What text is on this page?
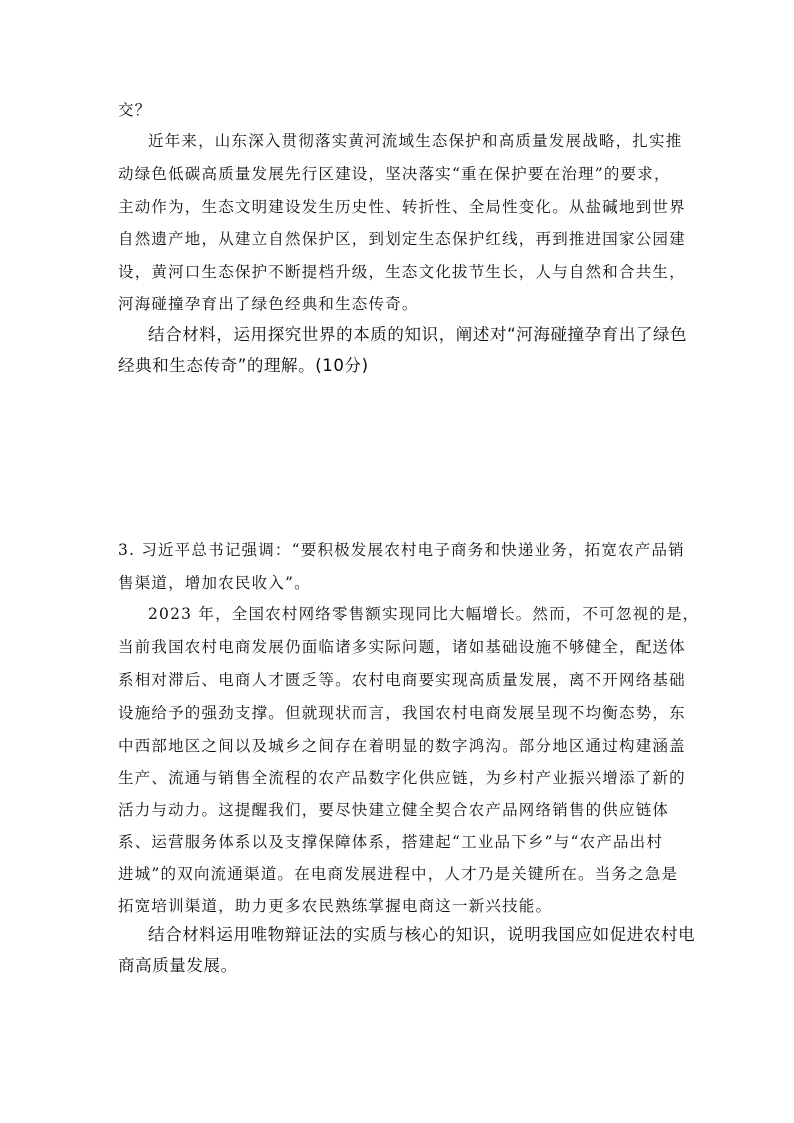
交？
近年来，山东深入贯彻落实黄河流域生态保护和高质量发展战略，扎实推
动绿色低碳高质量发展先行区建设，坚决落实“重在保护要在治理”的要求，
主动作为，生态文明建设发生历史性、转折性、全局性变化。从盐碱地到世界
自然遗产地，从建立自然保护区，到划定生态保护红线，再到推进国家公园建
设，黄河口生态保护不断提档升级，生态文化拔节生长，人与自然和合共生，
河海碰撞孕育出了绿色经典和生态传奇。
结合材料，运用探究世界的本质的知识，阐述对“河海碰撞孕育出了绿色
经典和生态传奇”的理解。(10分)
3. 习近平总书记强调：“要积极发展农村电子商务和快递业务，拓宽农产品销
售渠道，增加农民收入”。
2023 年，全国农村网络零售额实现同比大幅增长。然而，不可忽视的是，
当前我国农村电商发展仍面临诸多实际问题，诸如基础设施不够健全，配送体
系相对滞后、电商人才匮乏等。农村电商要实现高质量发展，离不开网络基础
设施给予的强劲支撑。但就现状而言，我国农村电商发展呈现不均衡态势，东
中西部地区之间以及城乡之间存在着明显的数字鸿沟。部分地区通过构建涵盖
生产、流通与销售全流程的农产品数字化供应链，为乡村产业振兴增添了新的
活力与动力。这提醒我们，要尽快建立健全契合农产品网络销售的供应链体
系、运营服务体系以及支撑保障体系，搭建起“工业品下乡”与“农产品出村
进城”的双向流通渠道。在电商发展进程中，人才乃是关键所在。当务之急是
拓宽培训渠道，助力更多农民熟练掌握电商这一新兴技能。
结合材料运用唯物辩证法的实质与核心的知识，说明我国应如促进农村电
商高质量发展。
